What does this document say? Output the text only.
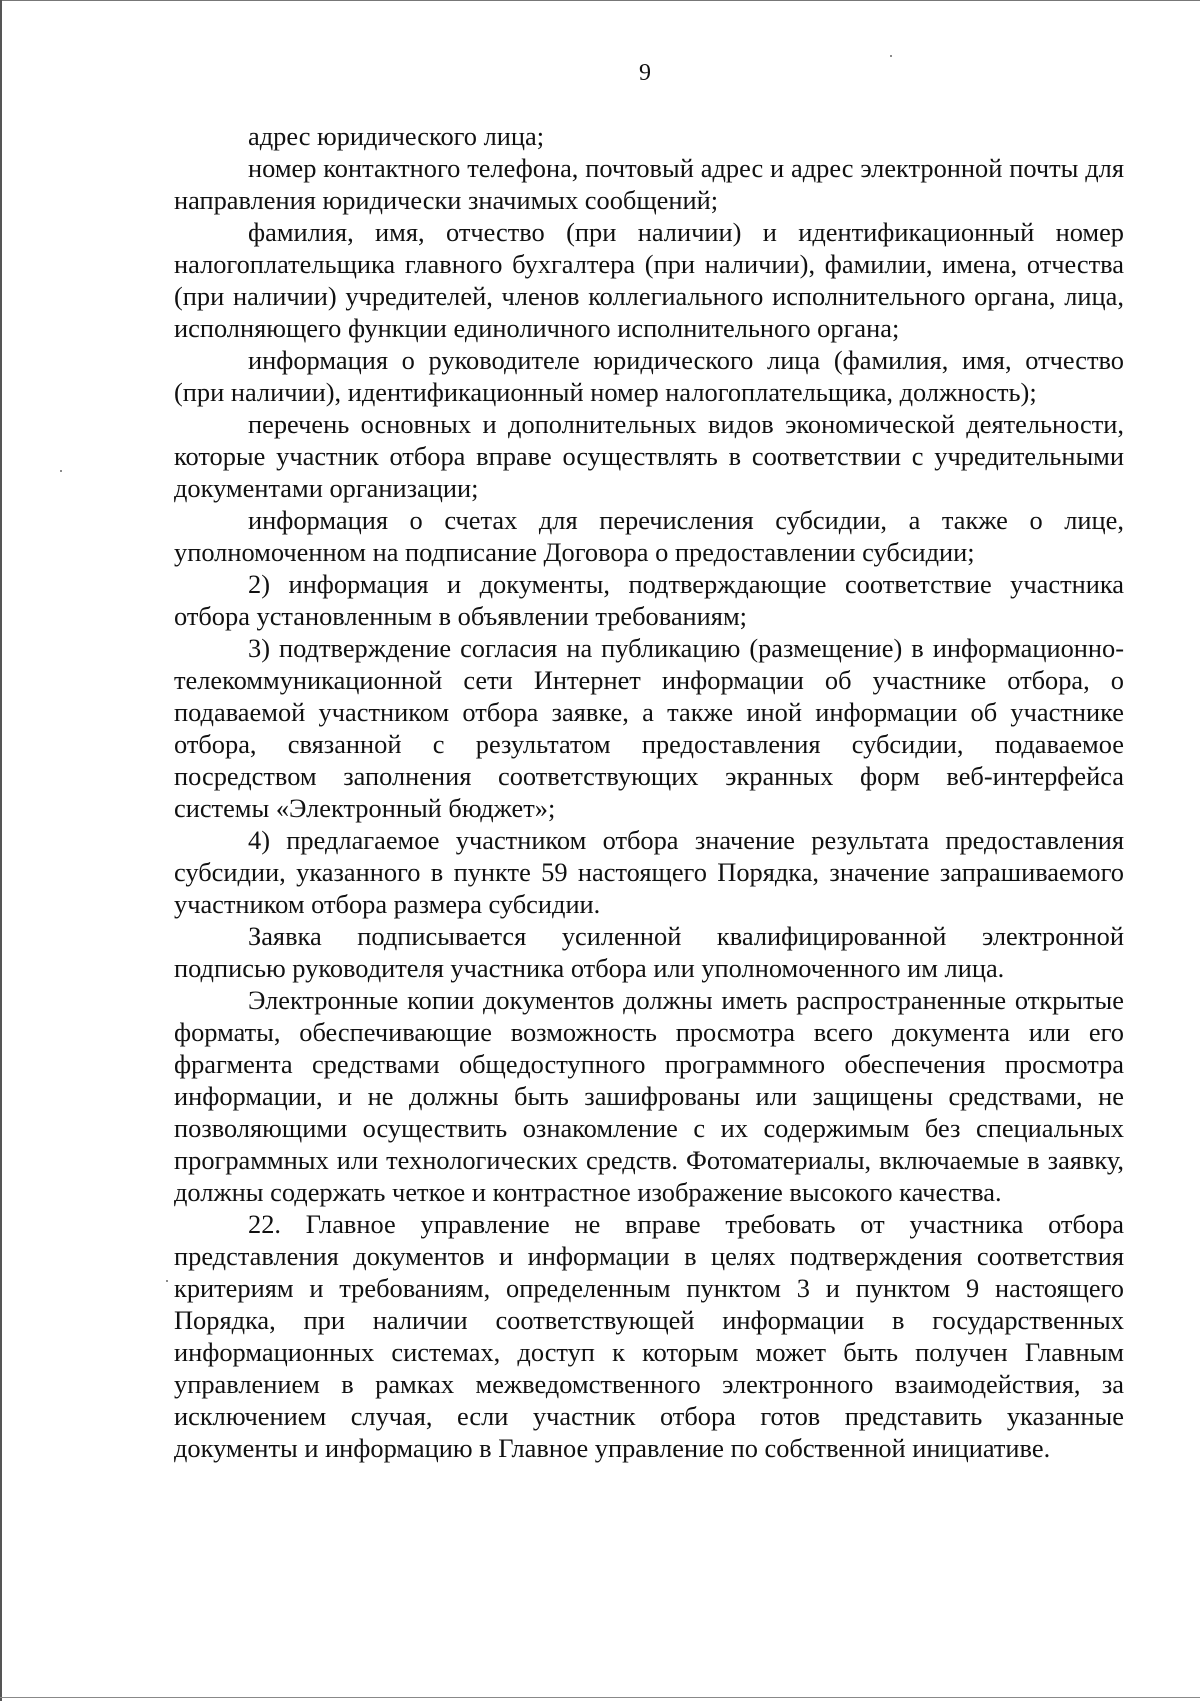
9

адрес юридического лица;

номер контактного телефона, почтовый адрес и адрес электронной почты для направления юридически значимых сообщений;

фамилия, имя, отчество (при наличии) и идентификационный номер налогоплательщика главного бухгалтера (при наличии), фамилии, имена, отчества (при наличии) учредителей, членов коллегиального исполнительного органа, лица, исполняющего функции единоличного исполнительного органа;

информация о руководителе юридического лица (фамилия, имя, отчество (при наличии), идентификационный номер налогоплательщика, должность);

перечень основных и дополнительных видов экономической деятельности, которые участник отбора вправе осуществлять в соответствии с учредительными документами организации;

информация о счетах для перечисления субсидии, а также о лице, уполномоченном на подписание Договора о предоставлении субсидии;

2) информация и документы, подтверждающие соответствие участника отбора установленным в объявлении требованиям;

3) подтверждение согласия на публикацию (размещение) в информационно-телекоммуникационной сети Интернет информации об участнике отбора, о подаваемой участником отбора заявке, а также иной информации об участнике отбора, связанной с результатом предоставления субсидии, подаваемое посредством заполнения соответствующих экранных форм веб-интерфейса системы «Электронный бюджет»;

4) предлагаемое участником отбора значение результата предоставления субсидии, указанного в пункте 59 настоящего Порядка, значение запрашиваемого участником отбора размера субсидии.

Заявка подписывается усиленной квалифицированной электронной подписью руководителя участника отбора или уполномоченного им лица.

Электронные копии документов должны иметь распространенные открытые форматы, обеспечивающие возможность просмотра всего документа или его фрагмента средствами общедоступного программного обеспечения просмотра информации, и не должны быть зашифрованы или защищены средствами, не позволяющими осуществить ознакомление с их содержимым без специальных программных или технологических средств. Фотоматериалы, включаемые в заявку, должны содержать четкое и контрастное изображение высокого качества.

22. Главное управление не вправе требовать от участника отбора представления документов и информации в целях подтверждения соответствия критериям и требованиям, определенным пунктом 3 и пунктом 9 настоящего Порядка, при наличии соответствующей информации в государственных информационных системах, доступ к которым может быть получен Главным управлением в рамках межведомственного электронного взаимодействия, за исключением случая, если участник отбора готов представить указанные документы и информацию в Главное управление по собственной инициативе.
